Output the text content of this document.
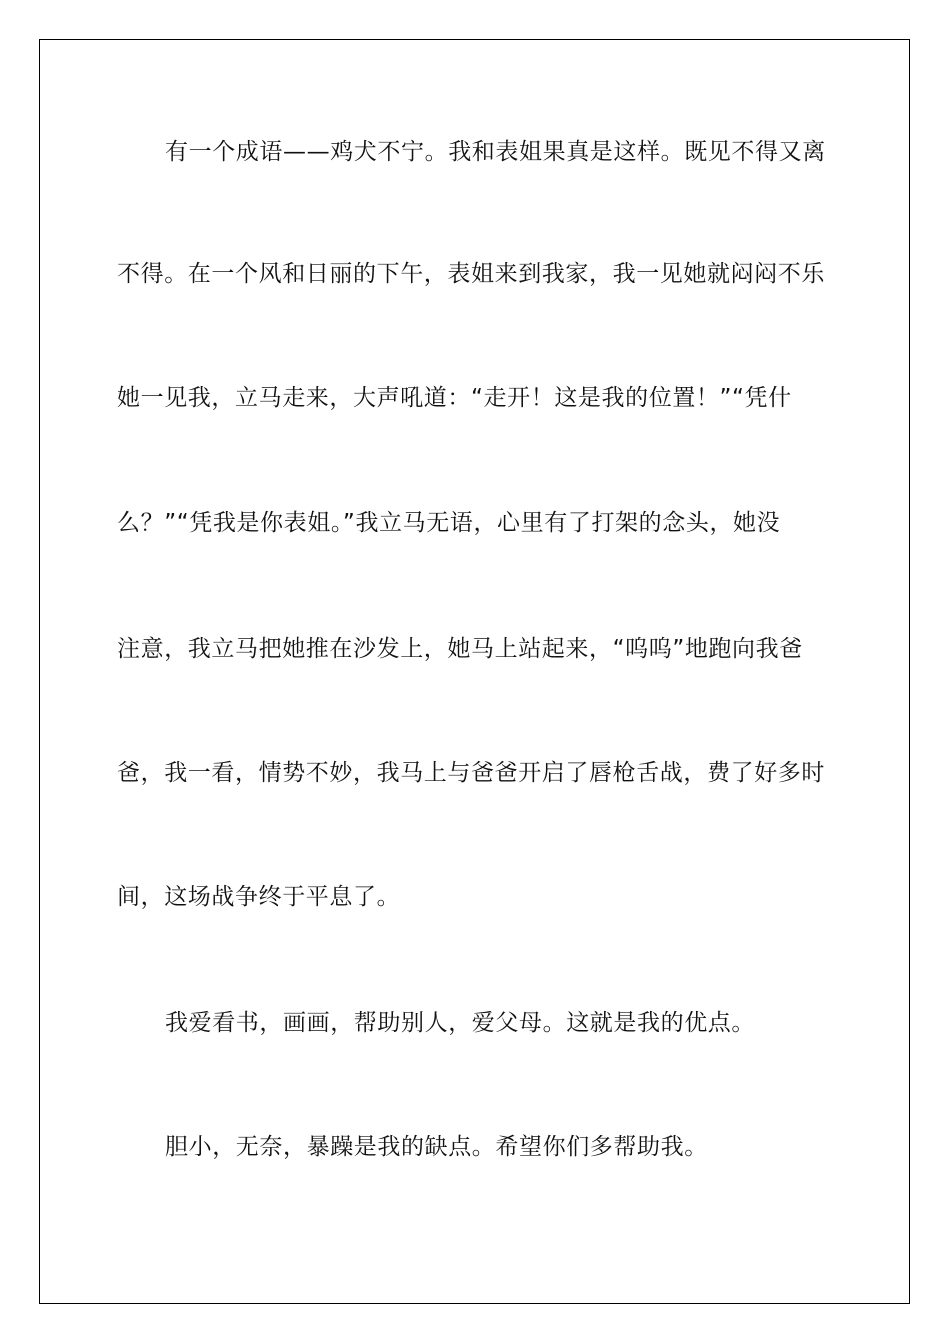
有一个成语——鸡犬不宁。我和表姐果真是这样。既见不得又离
不得。在一个风和日丽的下午，表姐来到我家，我一见她就闷闷不乐
她一见我，立马走来，大声吼道：“走开！这是我的位置！”“凭什
么？”“凭我是你表姐。”我立马无语，心里有了打架的念头，她没
注意，我立马把她推在沙发上，她马上站起来，“呜呜”地跑向我爸
爸，我一看，情势不妙，我马上与爸爸开启了唇枪舌战，费了好多时
间，这场战争终于平息了。
我爱看书，画画，帮助别人，爱父母。这就是我的优点。
胆小，无奈，暴躁是我的缺点。希望你们多帮助我。
